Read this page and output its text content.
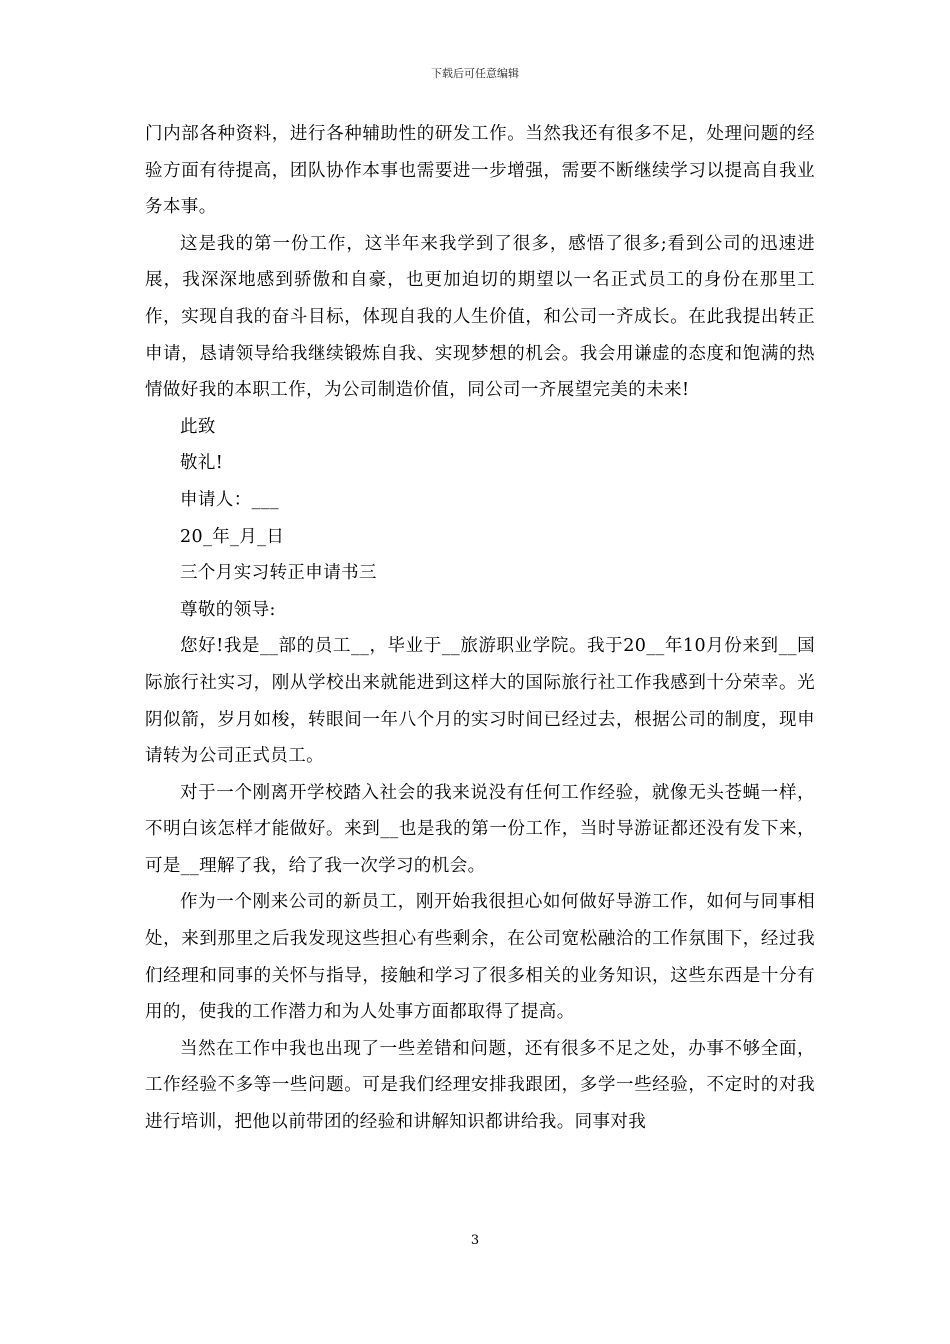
下载后可任意编辑

门内部各种资料，进行各种辅助性的研发工作。当然我还有很多不足，处理问题的经验方面有待提高，团队协作本事也需要进一步增强，需要不断继续学习以提高自我业务本事。

这是我的第一份工作，这半年来我学到了很多，感悟了很多;看到公司的迅速进展，我深深地感到骄傲和自豪，也更加迫切的期望以一名正式员工的身份在那里工作，实现自我的奋斗目标，体现自我的人生价值，和公司一齐成长。在此我提出转正申请，恳请领导给我继续锻炼自我、实现梦想的机会。我会用谦虚的态度和饱满的热情做好我的本职工作，为公司制造价值，同公司一齐展望完美的未来!

此致

敬礼!

申请人：___

20_年_月_日

三个月实习转正申请书三

尊敬的领导:

您好!我是__部的员工__，毕业于__旅游职业学院。我于20__年10月份来到__国际旅行社实习，刚从学校出来就能进到这样大的国际旅行社工作我感到十分荣幸。光阴似箭，岁月如梭，转眼间一年八个月的实习时间已经过去，根据公司的制度，现申请转为公司正式员工。

对于一个刚离开学校踏入社会的我来说没有任何工作经验，就像无头苍蝇一样，不明白该怎样才能做好。来到__也是我的第一份工作，当时导游证都还没有发下来，可是__理解了我，给了我一次学习的机会。

作为一个刚来公司的新员工，刚开始我很担心如何做好导游工作，如何与同事相处，来到那里之后我发现这些担心有些剩余，在公司宽松融洽的工作氛围下，经过我们经理和同事的关怀与指导，接触和学习了很多相关的业务知识，这些东西是十分有用的，使我的工作潜力和为人处事方面都取得了提高。

当然在工作中我也出现了一些差错和问题，还有很多不足之处，办事不够全面，工作经验不多等一些问题。可是我们经理安排我跟团，多学一些经验，不定时的对我进行培训，把他以前带团的经验和讲解知识都讲给我。同事对我

3
